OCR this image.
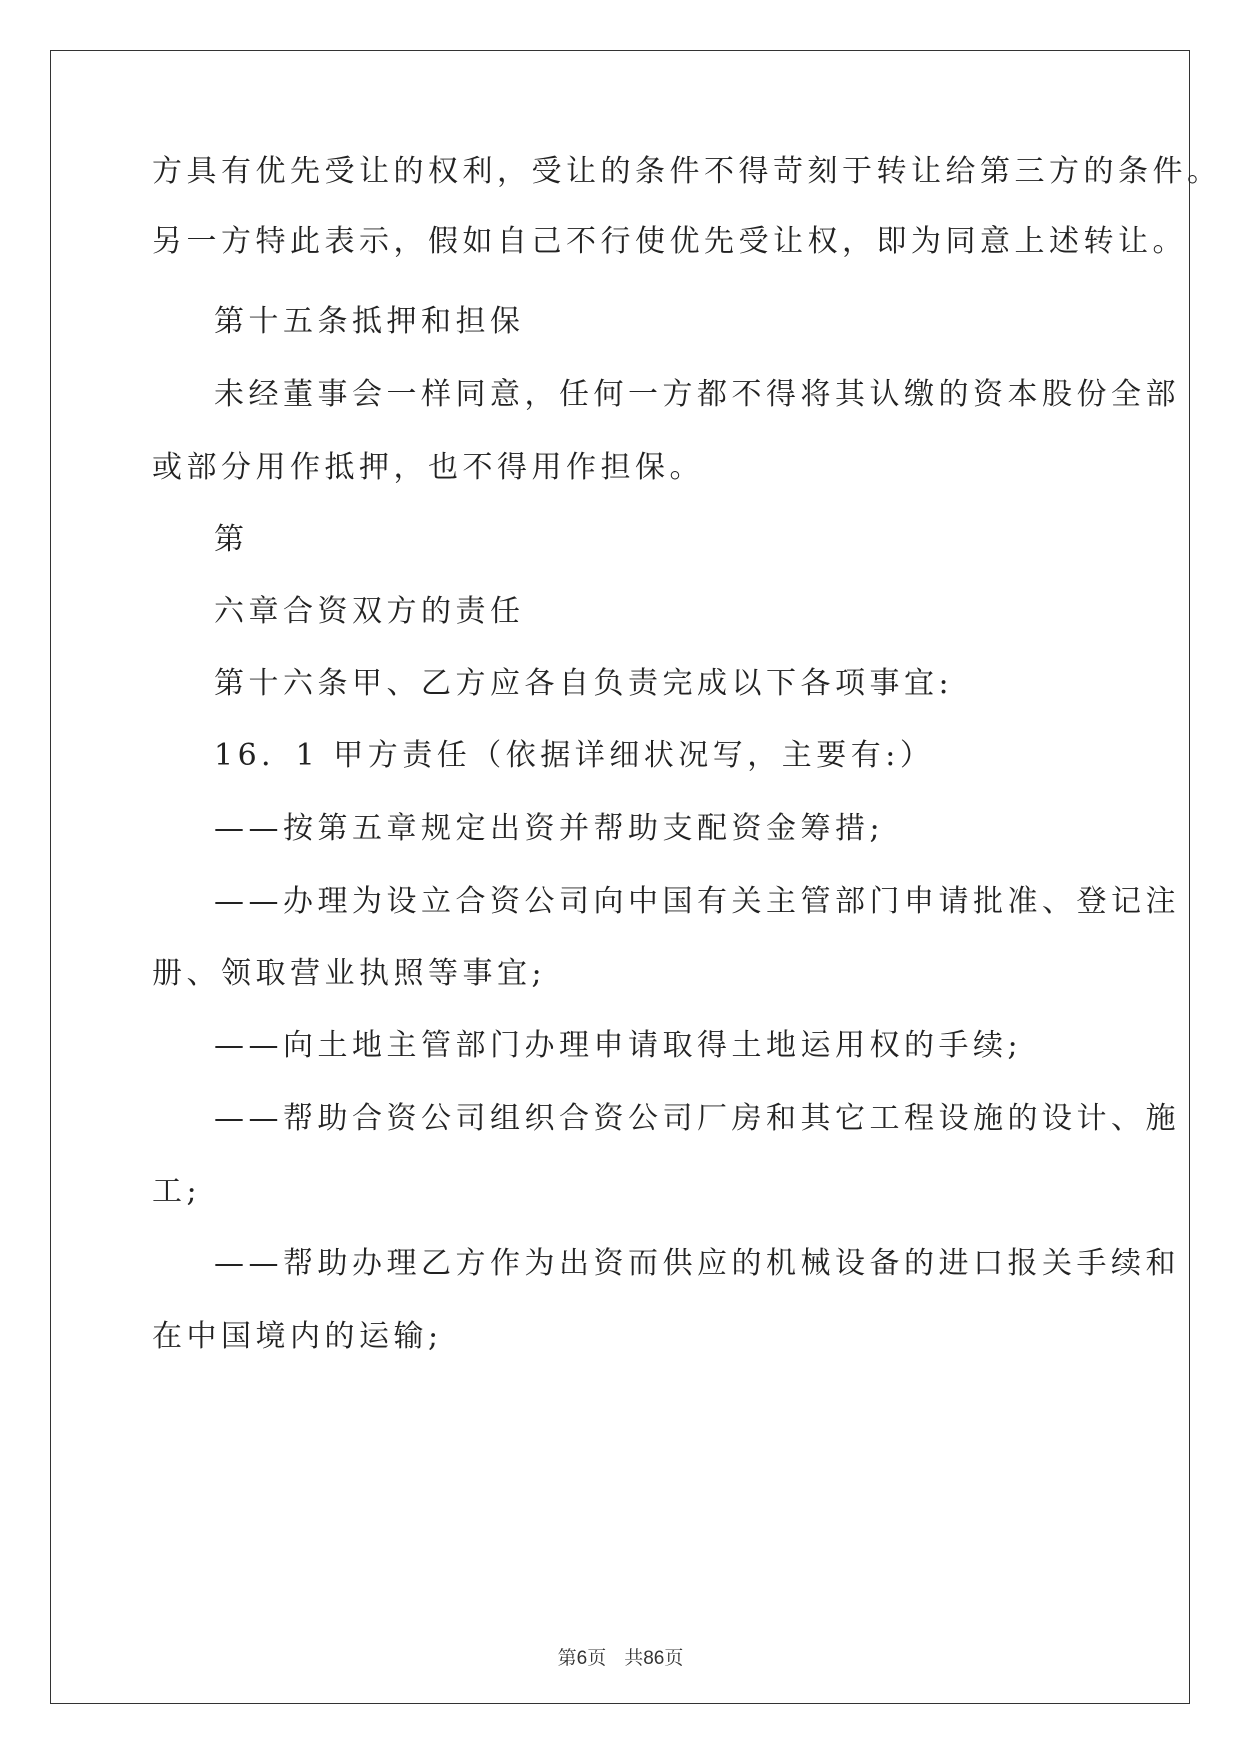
方具有优先受让的权利，受让的条件不得苛刻于转让给第三方的条件。
另一方特此表示，假如自己不行使优先受让权，即为同意上述转让。
第十五条抵押和担保
未经董事会一样同意，任何一方都不得将其认缴的资本股份全部
或部分用作抵押，也不得用作担保。
第
六章合资双方的责任
第十六条甲、乙方应各自负责完成以下各项事宜:
16．1 甲方责任（依据详细状况写，主要有:）
——按第五章规定出资并帮助支配资金筹措;
——办理为设立合资公司向中国有关主管部门申请批准、登记注
册、领取营业执照等事宜;
——向土地主管部门办理申请取得土地运用权的手续;
——帮助合资公司组织合资公司厂房和其它工程设施的设计、施
工;
——帮助办理乙方作为出资而供应的机械设备的进口报关手续和
在中国境内的运输;
第6页 共86页
